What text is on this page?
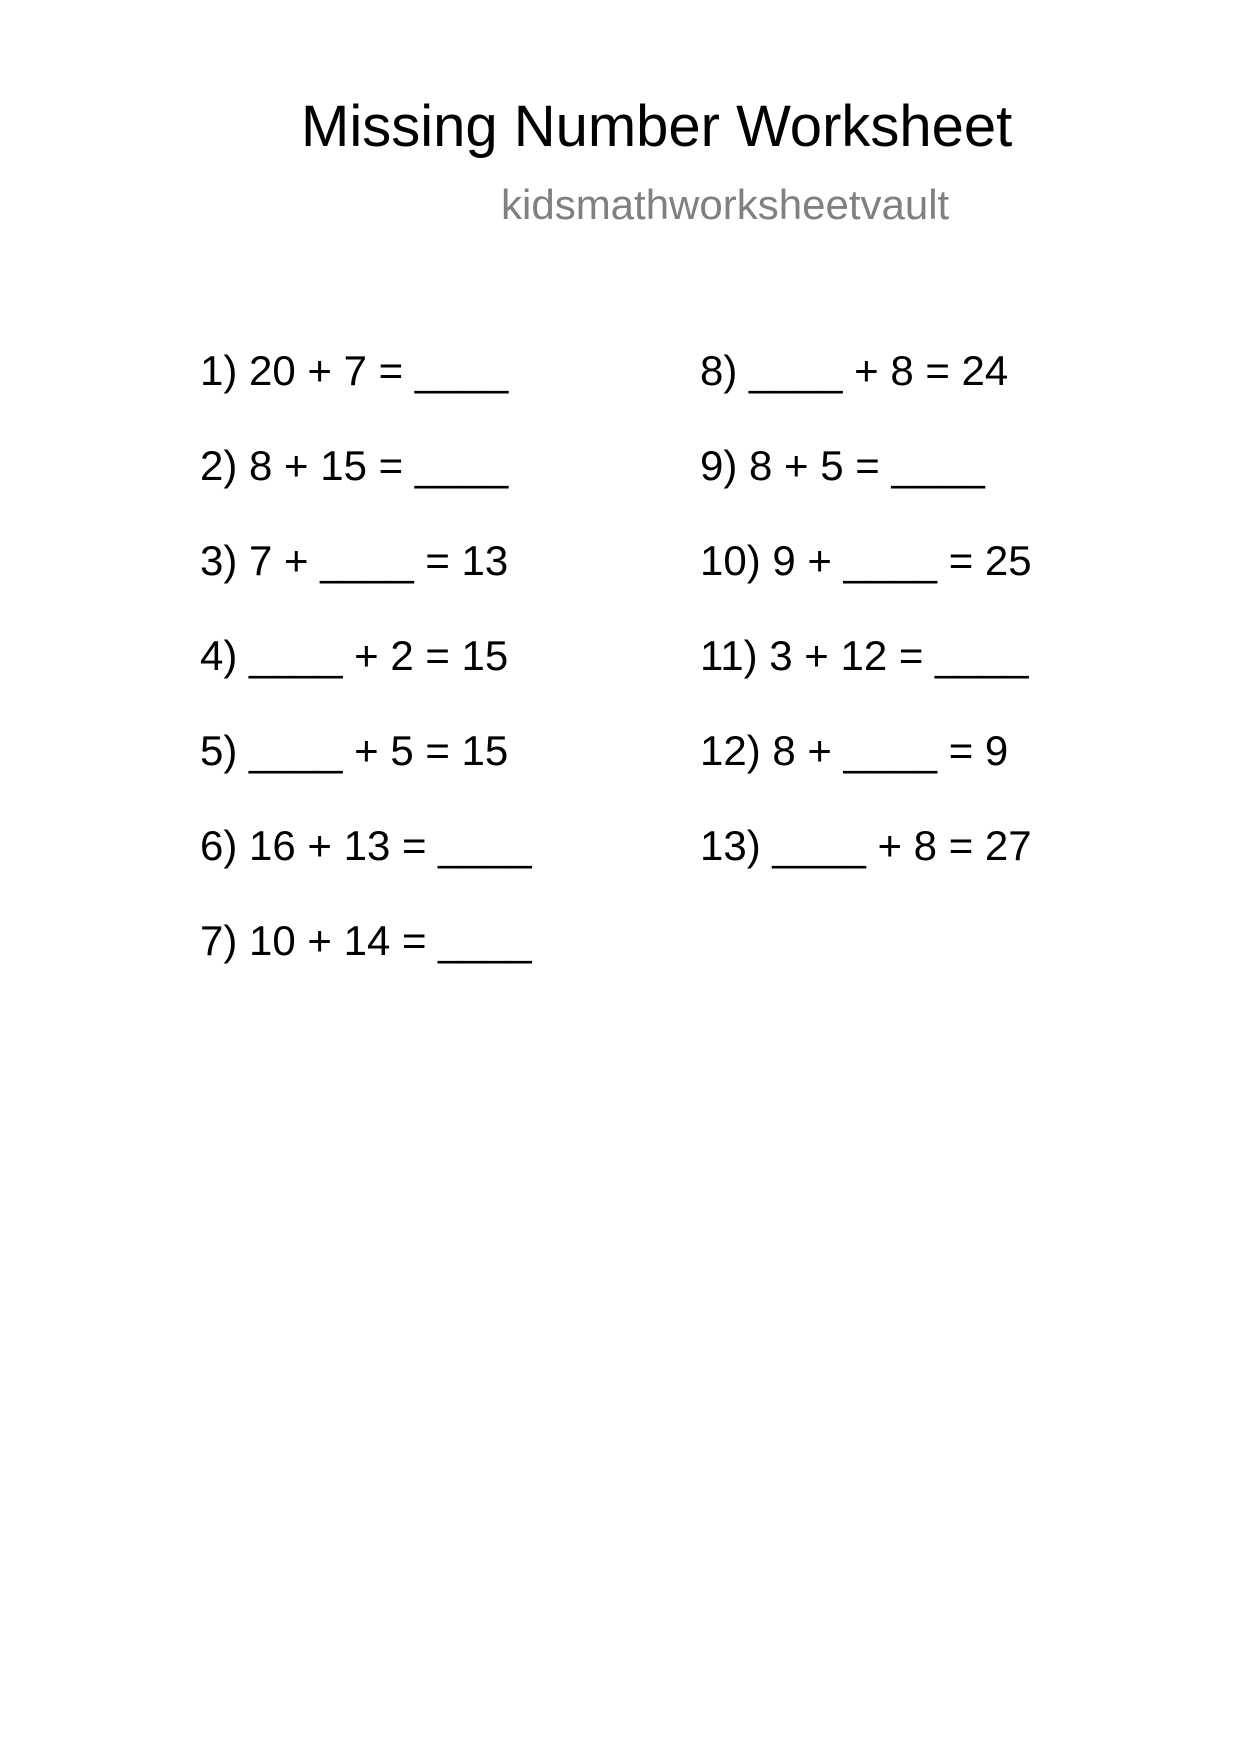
Missing Number Worksheet
kidsmathworksheetvault
1) 20 + 7 = ____
2) 8 + 15 = ____
3) 7 + ____ = 13
4) ____ + 2 = 15
5) ____ + 5 = 15
6) 16 + 13 = ____
7) 10 + 14 = ____
8) ____ + 8 = 24
9) 8 + 5 = ____
10) 9 + ____ = 25
11) 3 + 12 = ____
12) 8 + ____ = 9
13) ____ + 8 = 27
